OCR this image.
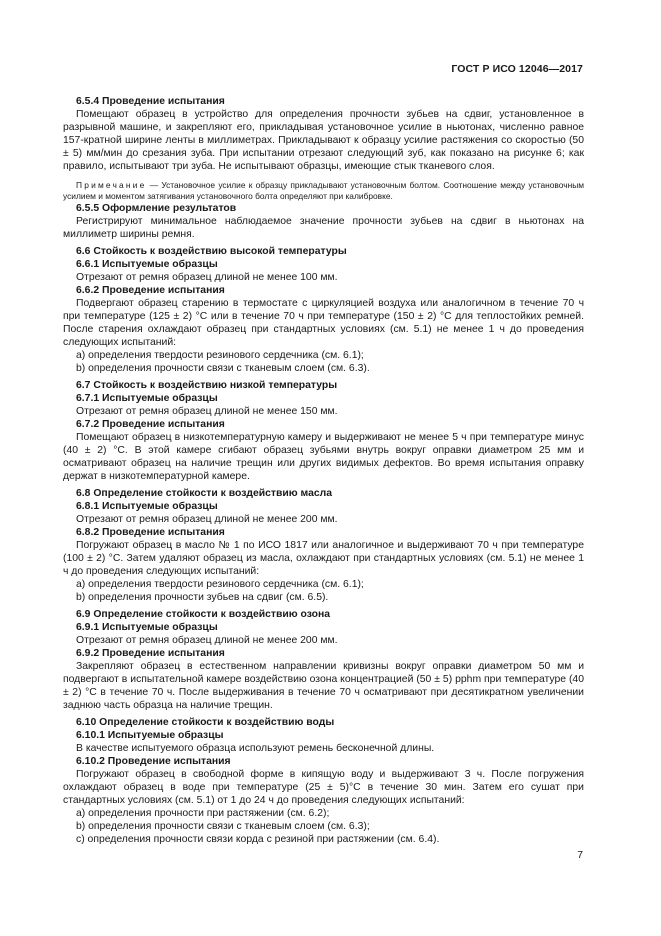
ГОСТ Р ИСО 12046—2017
6.5.4 Проведение испытания
Помещают образец в устройство для определения прочности зубьев на сдвиг, установленное в разрывной машине, и закрепляют его, прикладывая установочное усилие в ньютонах, численно равное 157-кратной ширине ленты в миллиметрах. Прикладывают к образцу усилие растяжения со скоростью (50 ± 5) мм/мин до срезания зуба. При испытании отрезают следующий зуб, как показано на рисунке 6; как правило, испытывают три зуба. Не испытывают образцы, имеющие стык тканевого слоя.
Примечание — Установочное усилие к образцу прикладывают установочным болтом. Соотношение между установочным усилием и моментом затягивания установочного болта определяют при калибровке.
6.5.5 Оформление результатов
Регистрируют минимальное наблюдаемое значение прочности зубьев на сдвиг в ньютонах на миллиметр ширины ремня.
6.6 Стойкость к воздействию высокой температуры
6.6.1 Испытуемые образцы
Отрезают от ремня образец длиной не менее 100 мм.
6.6.2 Проведение испытания
Подвергают образец старению в термостате с циркуляцией воздуха или аналогичном в течение 70 ч при температуре (125 ± 2) °С или в течение 70 ч при температуре (150 ± 2) °С для теплостойких ремней. После старения охлаждают образец при стандартных условиях (см. 5.1) не менее 1 ч до проведения следующих испытаний:
a) определения твердости резинового сердечника (см. 6.1);
b) определения прочности связи с тканевым слоем (см. 6.3).
6.7 Стойкость к воздействию низкой температуры
6.7.1 Испытуемые образцы
Отрезают от ремня образец длиной не менее 150 мм.
6.7.2 Проведение испытания
Помещают образец в низкотемпературную камеру и выдерживают не менее 5 ч при температуре минус (40 ± 2) °С. В этой камере сгибают образец зубьями внутрь вокруг оправки диаметром 25 мм и осматривают образец на наличие трещин или других видимых дефектов. Во время испытания оправку держат в низкотемпературной камере.
6.8 Определение стойкости к воздействию масла
6.8.1 Испытуемые образцы
Отрезают от ремня образец длиной не менее 200 мм.
6.8.2 Проведение испытания
Погружают образец в масло № 1 по ИСО 1817 или аналогичное и выдерживают 70 ч при температуре (100 ± 2) °С. Затем удаляют образец из масла, охлаждают при стандартных условиях (см. 5.1) не менее 1 ч до проведения следующих испытаний:
a) определения твердости резинового сердечника (см. 6.1);
b) определения прочности зубьев на сдвиг (см. 6.5).
6.9 Определение стойкости к воздействию озона
6.9.1 Испытуемые образцы
Отрезают от ремня образец длиной не менее 200 мм.
6.9.2 Проведение испытания
Закрепляют образец в естественном направлении кривизны вокруг оправки диаметром 50 мм и подвергают в испытательной камере воздействию озона концентрацией (50 ± 5) pphm при температуре (40 ± 2) °С в течение 70 ч. После выдерживания в течение 70 ч осматривают при десятикратном увеличении заднюю часть образца на наличие трещин.
6.10 Определение стойкости к воздействию воды
6.10.1 Испытуемые образцы
В качестве испытуемого образца используют ремень бесконечной длины.
6.10.2 Проведение испытания
Погружают образец в свободной форме в кипящую воду и выдерживают 3 ч. После погружения охлаждают образец в воде при температуре (25 ± 5)°С в течение 30 мин. Затем его сушат при стандартных условиях (см. 5.1) от 1 до 24 ч до проведения следующих испытаний:
a) определения прочности при растяжении (см. 6.2);
b) определения прочности связи с тканевым слоем (см. 6.3);
c) определения прочности связи корда с резиной при растяжении (см. 6.4).
7
